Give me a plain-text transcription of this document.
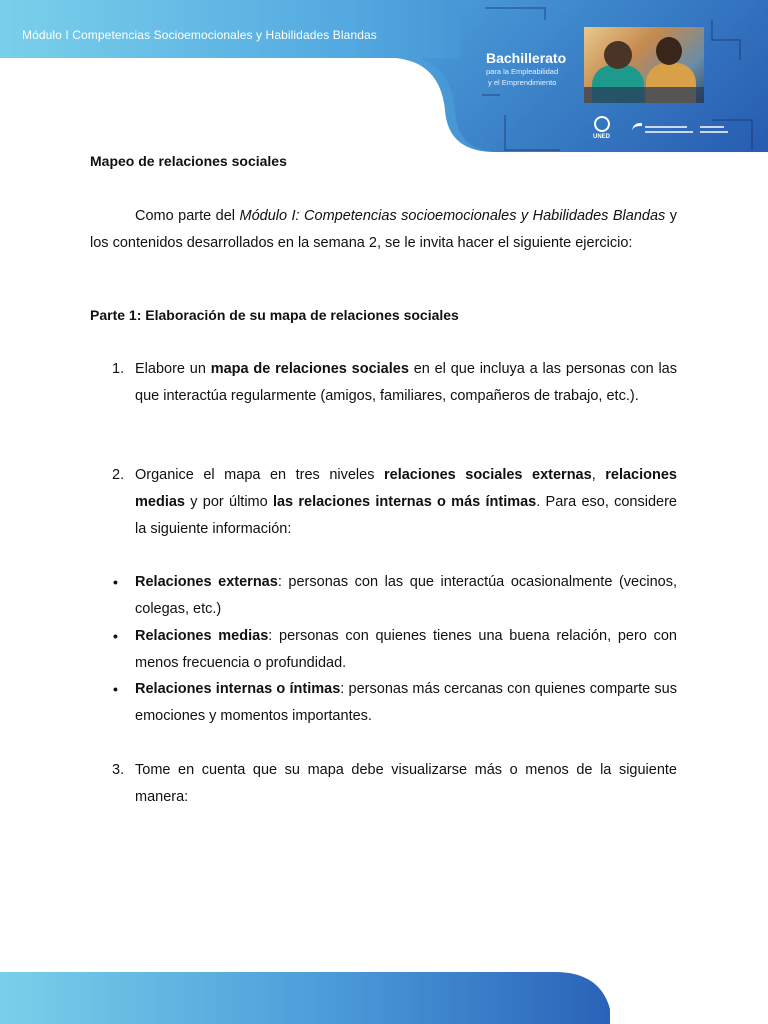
Módulo I Competencias Socioemocionales y Habilidades Blandas
Bachillerato
para la Empleabilidad
y el Emprendimiento
UNED
Mapeo de relaciones sociales

Como parte del Módulo I: Competencias socioemocionales y Habilidades Blandas y los contenidos desarrollados en la semana 2, se le invita hacer el siguiente ejercicio:

Parte 1: Elaboración de su mapa de relaciones sociales
1. Elabore un mapa de relaciones sociales en el que incluya a las personas con las que interactúa regularmente (amigos, familiares, compañeros de trabajo, etc.).

2. Organice el mapa en tres niveles relaciones sociales externas, relaciones medias y por último las relaciones internas o más íntimas. Para eso, considere la siguiente información:

• Relaciones externas: personas con las que interactúa ocasionalmente (vecinos, colegas, etc.)

• Relaciones medias: personas con quienes tienes una buena relación, pero con menos frecuencia o profundidad.

• Relaciones internas o íntimas: personas más cercanas con quienes comparte sus emociones y momentos importantes.

3. Tome en cuenta que su mapa debe visualizarse más o menos de la siguiente manera:
